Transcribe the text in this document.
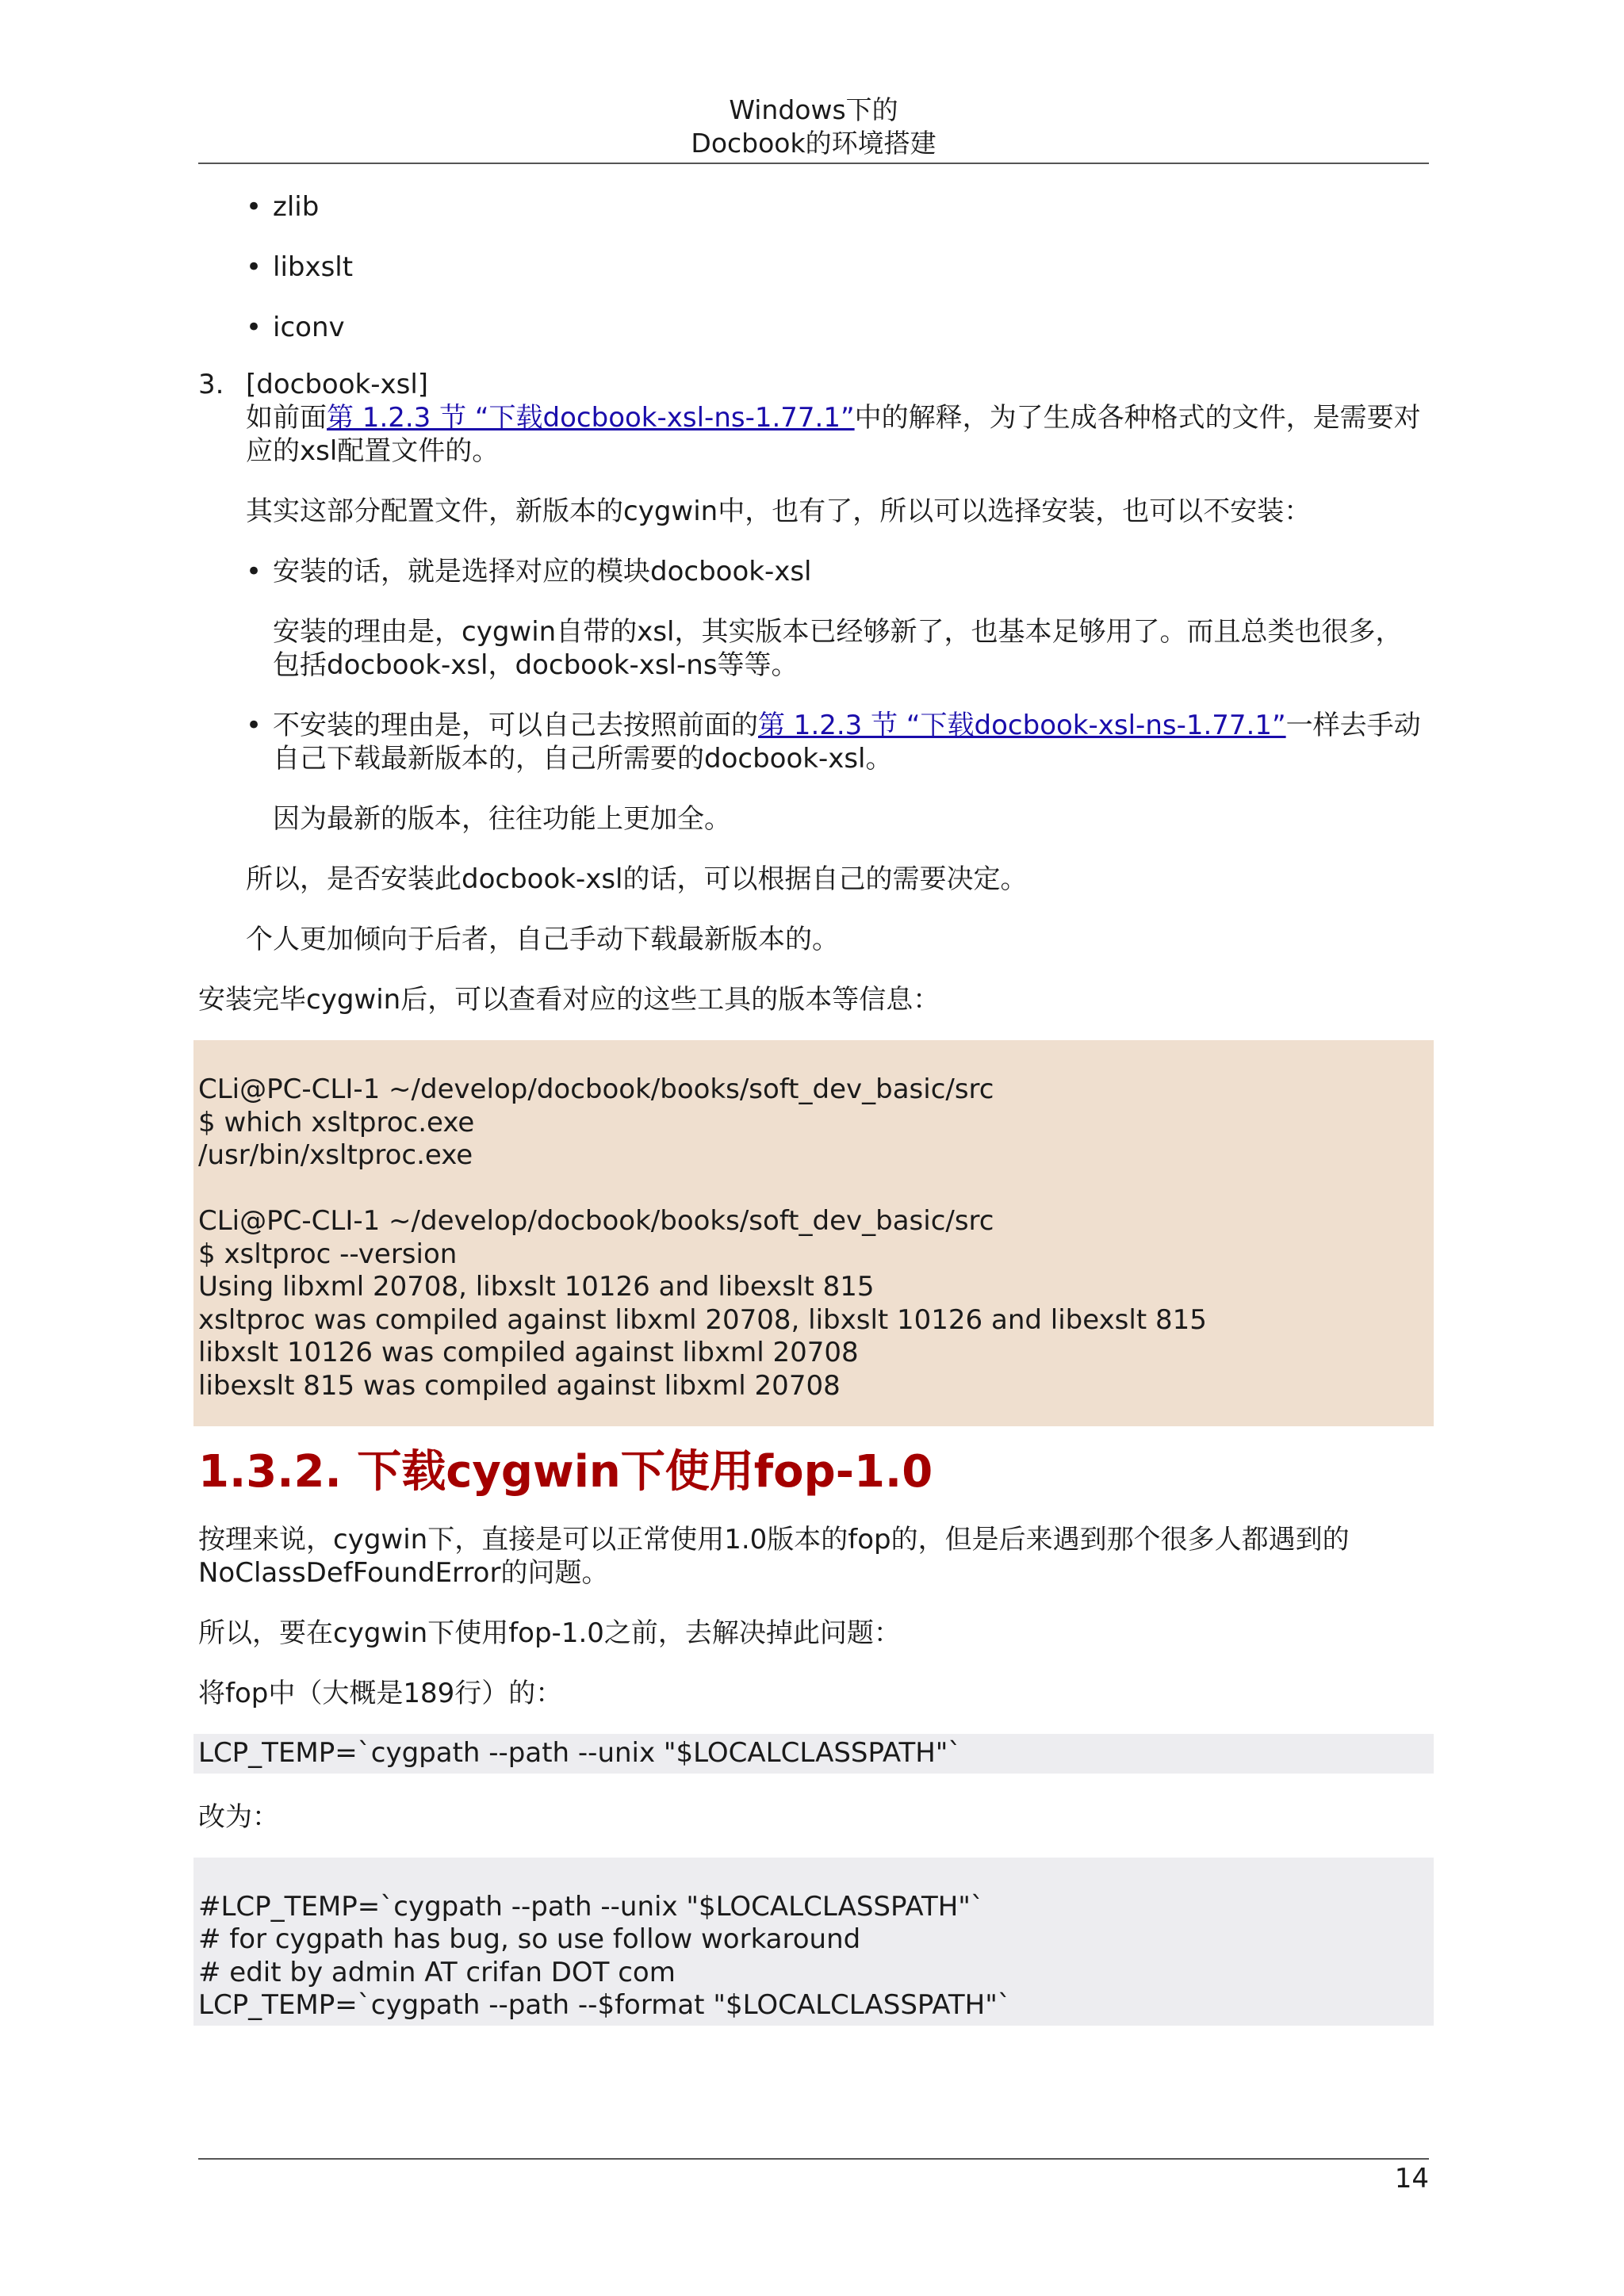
Windows下的
Docbook的环境搭建
• zlib
• libxslt
• iconv
3. [docbook-xsl]

如前面第 1.2.3 节 “下载docbook-xsl-ns-1.77.1”中的解释，为了生成各种格式的文件，是需要对应的xsl配置文件的。

其实这部分配置文件，新版本的cygwin中，也有了，所以可以选择安装，也可以不安装：

• 安装的话，就是选择对应的模块docbook-xsl

安装的理由是，cygwin自带的xsl，其实版本已经够新了，也基本足够用了。而且总类也很多，包括docbook-xsl，docbook-xsl-ns等等。

• 不安装的理由是，可以自己去按照前面的第 1.2.3 节 “下载docbook-xsl-ns-1.77.1”一样去手动自己下载最新版本的，自己所需要的docbook-xsl。

因为最新的版本，往往功能上更加全。

所以，是否安装此docbook-xsl的话，可以根据自己的需要决定。

个人更加倾向于后者，自己手动下载最新版本的。

安装完毕cygwin后，可以查看对应的这些工具的版本等信息：

CLi@PC-CLI-1 ~/develop/docbook/books/soft_dev_basic/src
$ which xsltproc.exe
/usr/bin/xsltproc.exe
CLi@PC-CLI-1 ~/develop/docbook/books/soft_dev_basic/src
$ xsltproc --version
Using libxml 20708, libxslt 10126 and libexslt 815
xsltproc was compiled against libxml 20708, libxslt 10126 and libexslt 815
libxslt 10126 was compiled against libxml 20708
libexslt 815 was compiled against libxml 20708
1.3.2. 下载cygwin下使用fop-1.0

按理来说，cygwin下，直接是可以正常使用1.0版本的fop的，但是后来遇到那个很多人都遇到的NoClassDefFoundError的问题。

所以，要在cygwin下使用fop-1.0之前，去解决掉此问题：

将fop中（大概是189行）的：

LCP_TEMP=`cygpath --path --unix "$LOCALCLASSPATH"`

改为：

#LCP_TEMP=`cygpath --path --unix "$LOCALCLASSPATH"`
# for cygpath has bug, so use follow workaround
# edit by admin AT crifan DOT com
LCP_TEMP=`cygpath --path --$format "$LOCALCLASSPATH"`
14
